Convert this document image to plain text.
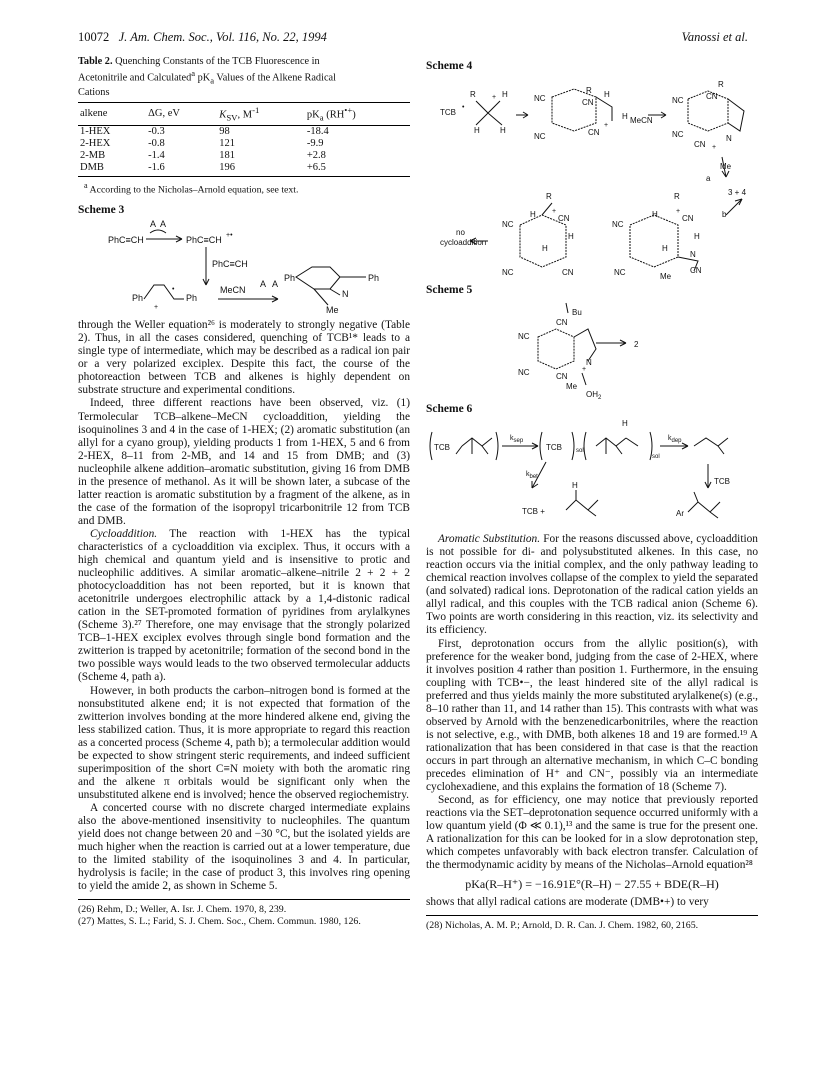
10072 J. Am. Chem. Soc., Vol. 116, No. 22, 1994	Vanossi et al.
Table 2. Quenching Constants of the TCB Fluorescence in
Acetonitrile and Calculated$^a$ $pK_a$ Values of the Alkene Radical
Cations
alkene	ΔG, eV	$K_{SV}$, $M^{-1}$	$pK_a$ (RH•+)
1-HEX	-0.3	98	-18.4
2-HEX	-0.8	121	-9.9
2-MB	-1.4	181	+2.8
DMB	-1.6	196	+6.5
$^a$ According to the Nicholas–Arnold equation, see text.
Scheme 3
PhC≡CH
A A
PhC≡CH +•
PhC≡CH
Ph
+
Ph
•	MeCN
A A
Ph	Ph
N
Me

through the Weller equation²⁶ is moderately to strongly negative (Table 2). Thus, in all the cases considered, quenching of TCB¹* leads to a single type of intermediate, which may be described as a radical ion pair or a very polarized exciplex. Despite this fact, the course of the photoreaction between TCB and alkenes is highly dependent on substrate structure and experimental conditions.

Indeed, three different reactions have been observed, viz. (1) Termolecular TCB–alkene–MeCN cycloaddition, yielding the isoquinolines 3 and 4 in the case of 1-HEX; (2) aromatic substitution (an allyl for a cyano group), yielding products 1 from 1-HEX, 5 and 6 from 2-HEX, 8–11 from 2-MB, and 14 and 15 from DMB; and (3) nucleophile alkene addition–aromatic substitution, giving 16 from DMB in the presence of methanol. As it will be shown later, a subcase of the latter reaction is aromatic substitution by a fragment of the alkene, as in the case of the formation of the isopropyl tricarbonitrile 12 from TCB and DMB.

Cycloaddition. The reaction with 1-HEX has the typical characteristics of a cycloaddition via exciplex. Thus, it occurs with a high chemical and quantum yield and is insensitive to protic and nucleophilic additives. A similar aromatic–alkene–nitrile 2 + 2 + 2 photocycloaddition has not been reported, but it is known that acetonitrile undergoes electrophilic attack by a 1,4-distonic radical cation in the SET-promoted formation of pyridines from arylalkynes (Scheme 3).²⁷ Therefore, one may envisage that the strongly polarized TCB–1-HEX exciplex evolves through single bond formation and the zwitterion is trapped by acetonitrile; formation of the second bond in the two possible ways would leads to the two observed termolecular adducts (Scheme 4, path a).

However, in both products the carbon–nitrogen bond is formed at the nonsubstituted alkene end; it is not expected that formation of the zwitterion involves bonding at the more hindered alkene end, giving the less stabilized cation. Thus, it is more appropriate to regard this reaction as a concerted process (Scheme 4, path b); a termolecular addition would be expected to show stringent steric requirements, and indeed sufficient superimposition of the short C≡N moiety with both the aromatic ring and the alkene π orbitals would be significant only when the unsubstituted alkene end is involved; hence the observed regiochemistry.

A concerted course with no discrete charged intermediate explains also the above-mentioned insensitivity to nucleophiles. The quantum yield does not change between 20 and −30 °C, but the isolated yields are much higher when the reaction is carried out at a lower temperature, due to the limited stability of the isoquinolines 3 and 4. In particular, hydrolysis is facile; in the case of product 3, this involves ring opening to yield the amide 2, as shown in Scheme 5.

(26) Rehm, D.; Weller, A. Isr. J. Chem. 1970, 8, 239.
(27) Mattes, S. L.; Farid, S. J. Chem. Soc., Chem. Commun. 1980, 126.
Scheme 4
TCB
•
R + H
H	H
NC
NC
R
CN
H
CN
H MeCN
+
NC
NC
R
CN
CN
N
+
Me
a
3 + 4
b
no
cycloaddition
R
NC
H	CN
+
H
H
NC	CN
R
NC
H	CN
+
H
H
N
NC	CN
Me
Scheme 5
Bu
CN
NC
NC	CN
N
Me
$OH_2$
2
+
Scheme 6
TCB
ksep
TCB sol
sol
H
kdep
kbet
H
TCB +
TCB
Ar

Aromatic Substitution. For the reasons discussed above, cycloaddition is not possible for di- and polysubstituted alkenes. In this case, no reaction occurs via the initial complex, and the only pathway leading to chemical reaction involves collapse of the complex to yield the separated (and solvated) radical ions. Deprotonation of the radical cation yields an allyl radical, and this couples with the TCB radical anion (Scheme 6). Two points are worth considering in this reaction, viz. its selectivity and its efficiency.

First, deprotonation occurs from the allylic position(s), with preference for the weaker bond, judging from the case of 2-HEX, where it involves position 4 rather than position 1. Furthermore, in the ensuing coupling with TCB•−, the least hindered site of the allyl radical is preferred and thus yields mainly the more substituted arylalkene(s) (e.g., 8–10 rather than 11, and 14 rather than 15). This contrasts with what was observed by Arnold with the benzenedicarbonitriles, where the reaction is not selective, e.g., with DMB, both alkenes 18 and 19 are formed.¹⁹ A rationalization that has been considered in that case is that the reaction occurs in part through an alternative mechanism, in which C–C bonding precedes elimination of H⁺ and CN⁻, possibly via an intermediate cyclohexadiene, and this explains the formation of 18 (Scheme 7).

Second, as for efficiency, one may notice that previously reported reactions via the SET–deprotonation sequence occurred uniformly with a low quantum yield (Φ ≪ 0.1),¹³ and the same is true for the present one. A rationalization for this can be looked for in a slow deprotonation step, which competes unfavorably with back electron transfer. Calculation of the thermodynamic acidity by means of the Nicholas–Arnold equation²⁸

pKa(R–H⁺) = −16.91E°(R–H) − 27.55 + BDE(R–H)

shows that allyl radical cations are moderate (DMB•+) to very

(28) Nicholas, A. M. P.; Arnold, D. R. Can. J. Chem. 1982, 60, 2165.
